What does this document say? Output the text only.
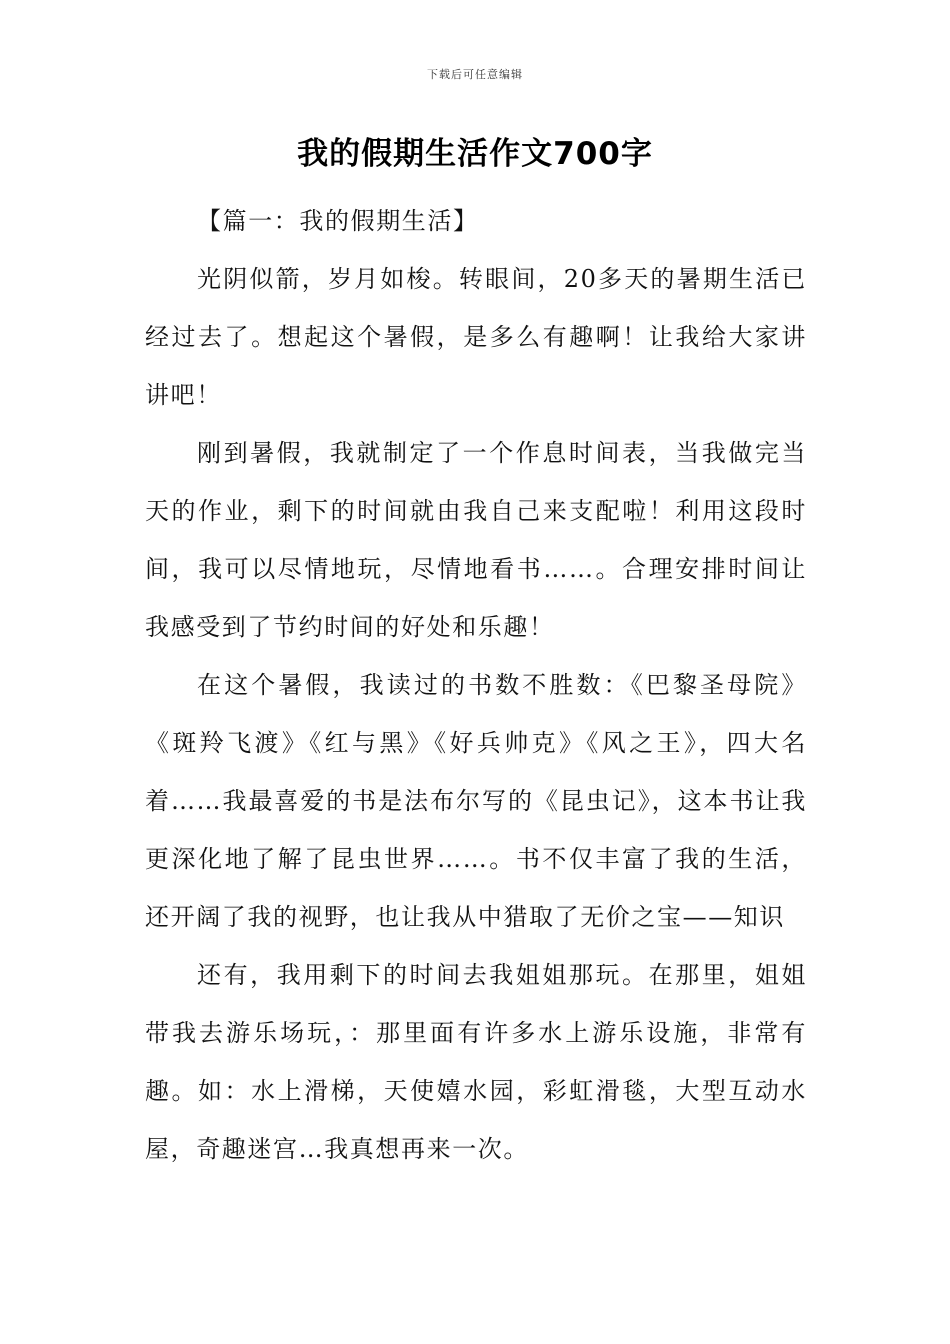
下载后可任意编辑
我的假期生活作文700字
【篇一：我的假期生活】

光阴似箭，岁月如梭。转眼间，20多天的暑期生活已经过去了。想起这个暑假，是多么有趣啊！让我给大家讲讲吧！

刚到暑假，我就制定了一个作息时间表，当我做完当天的作业，剩下的时间就由我自己来支配啦！利用这段时间，我可以尽情地玩，尽情地看书……。合理安排时间让我感受到了节约时间的好处和乐趣！

在这个暑假，我读过的书数不胜数：《巴黎圣母院》《斑羚飞渡》《红与黑》《好兵帅克》《风之王》，四大名着……我最喜爱的书是法布尔写的《昆虫记》，这本书让我更深化地了解了昆虫世界……。书不仅丰富了我的生活，还开阔了我的视野，也让我从中猎取了无价之宝——知识

还有，我用剩下的时间去我姐姐那玩。在那里，姐姐带我去游乐场玩，：那里面有许多水上游乐设施，非常有趣。如：水上滑梯，天使嬉水园，彩虹滑毯，大型互动水屋，奇趣迷宫…我真想再来一次。
